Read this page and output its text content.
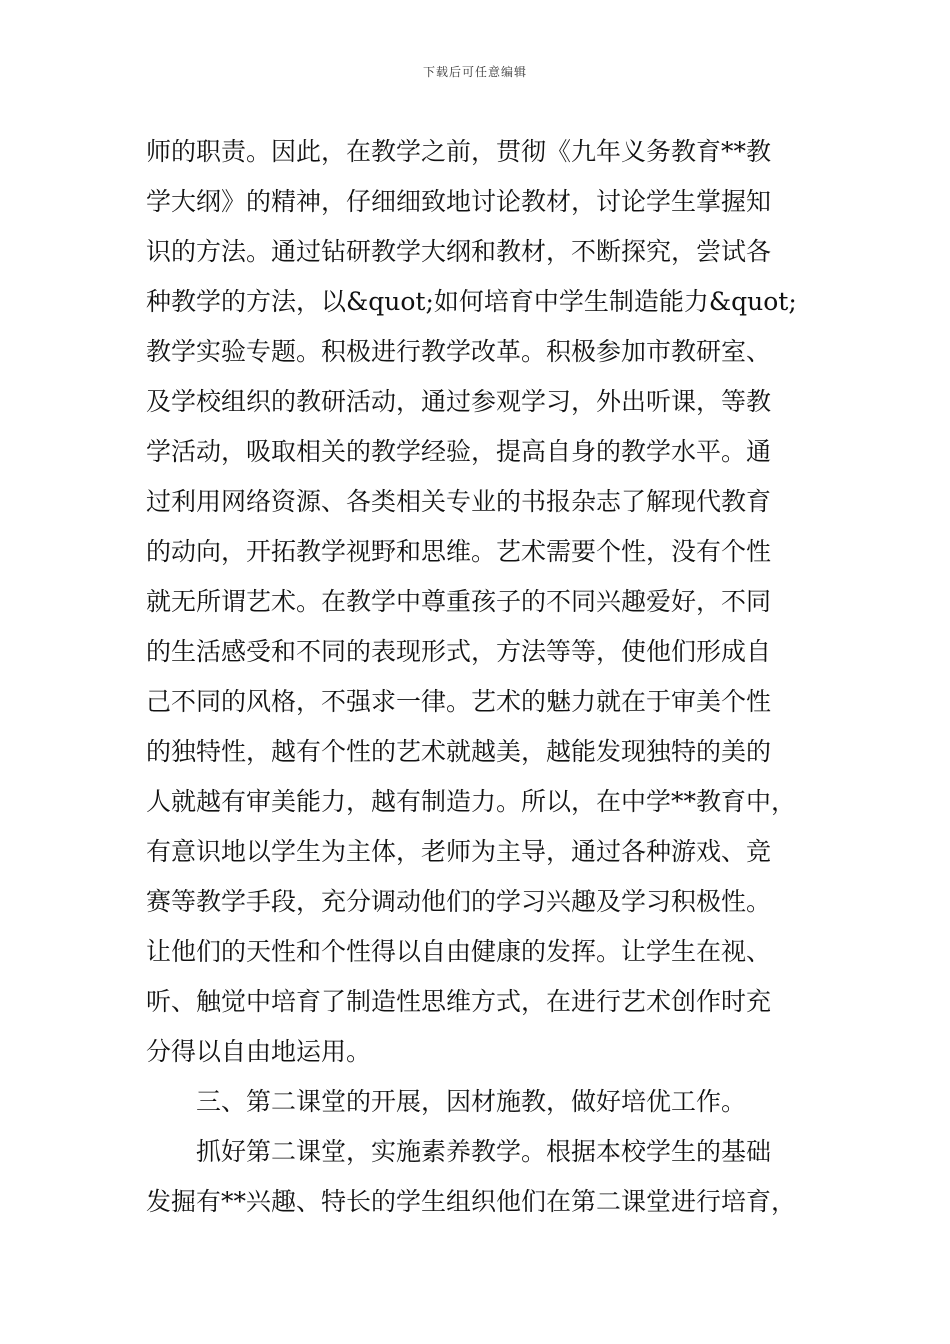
下载后可任意编辑
师的职责。因此，在教学之前，贯彻《九年义务教育**教
学大纲》的精神，仔细细致地讨论教材，讨论学生掌握知
识的方法。通过钻研教学大纲和教材，不断探究，尝试各
种教学的方法，以&quot;如何培育中学生制造能力&quot;
教学实验专题。积极进行教学改革。积极参加市教研室、
及学校组织的教研活动，通过参观学习，外出听课，等教
学活动，吸取相关的教学经验，提高自身的教学水平。通
过利用网络资源、各类相关专业的书报杂志了解现代教育
的动向，开拓教学视野和思维。艺术需要个性，没有个性
就无所谓艺术。在教学中尊重孩子的不同兴趣爱好，不同
的生活感受和不同的表现形式，方法等等，使他们形成自
己不同的风格，不强求一律。艺术的魅力就在于审美个性
的独特性，越有个性的艺术就越美，越能发现独特的美的
人就越有审美能力，越有制造力。所以，在中学**教育中，
有意识地以学生为主体，老师为主导，通过各种游戏、竞
赛等教学手段，充分调动他们的学习兴趣及学习积极性。
让他们的天性和个性得以自由健康的发挥。让学生在视、
听、触觉中培育了制造性思维方式，在进行艺术创作时充
分得以自由地运用。
三、第二课堂的开展，因材施教，做好培优工作。
抓好第二课堂，实施素养教学。根据本校学生的基础
发掘有**兴趣、特长的学生组织他们在第二课堂进行培育，
